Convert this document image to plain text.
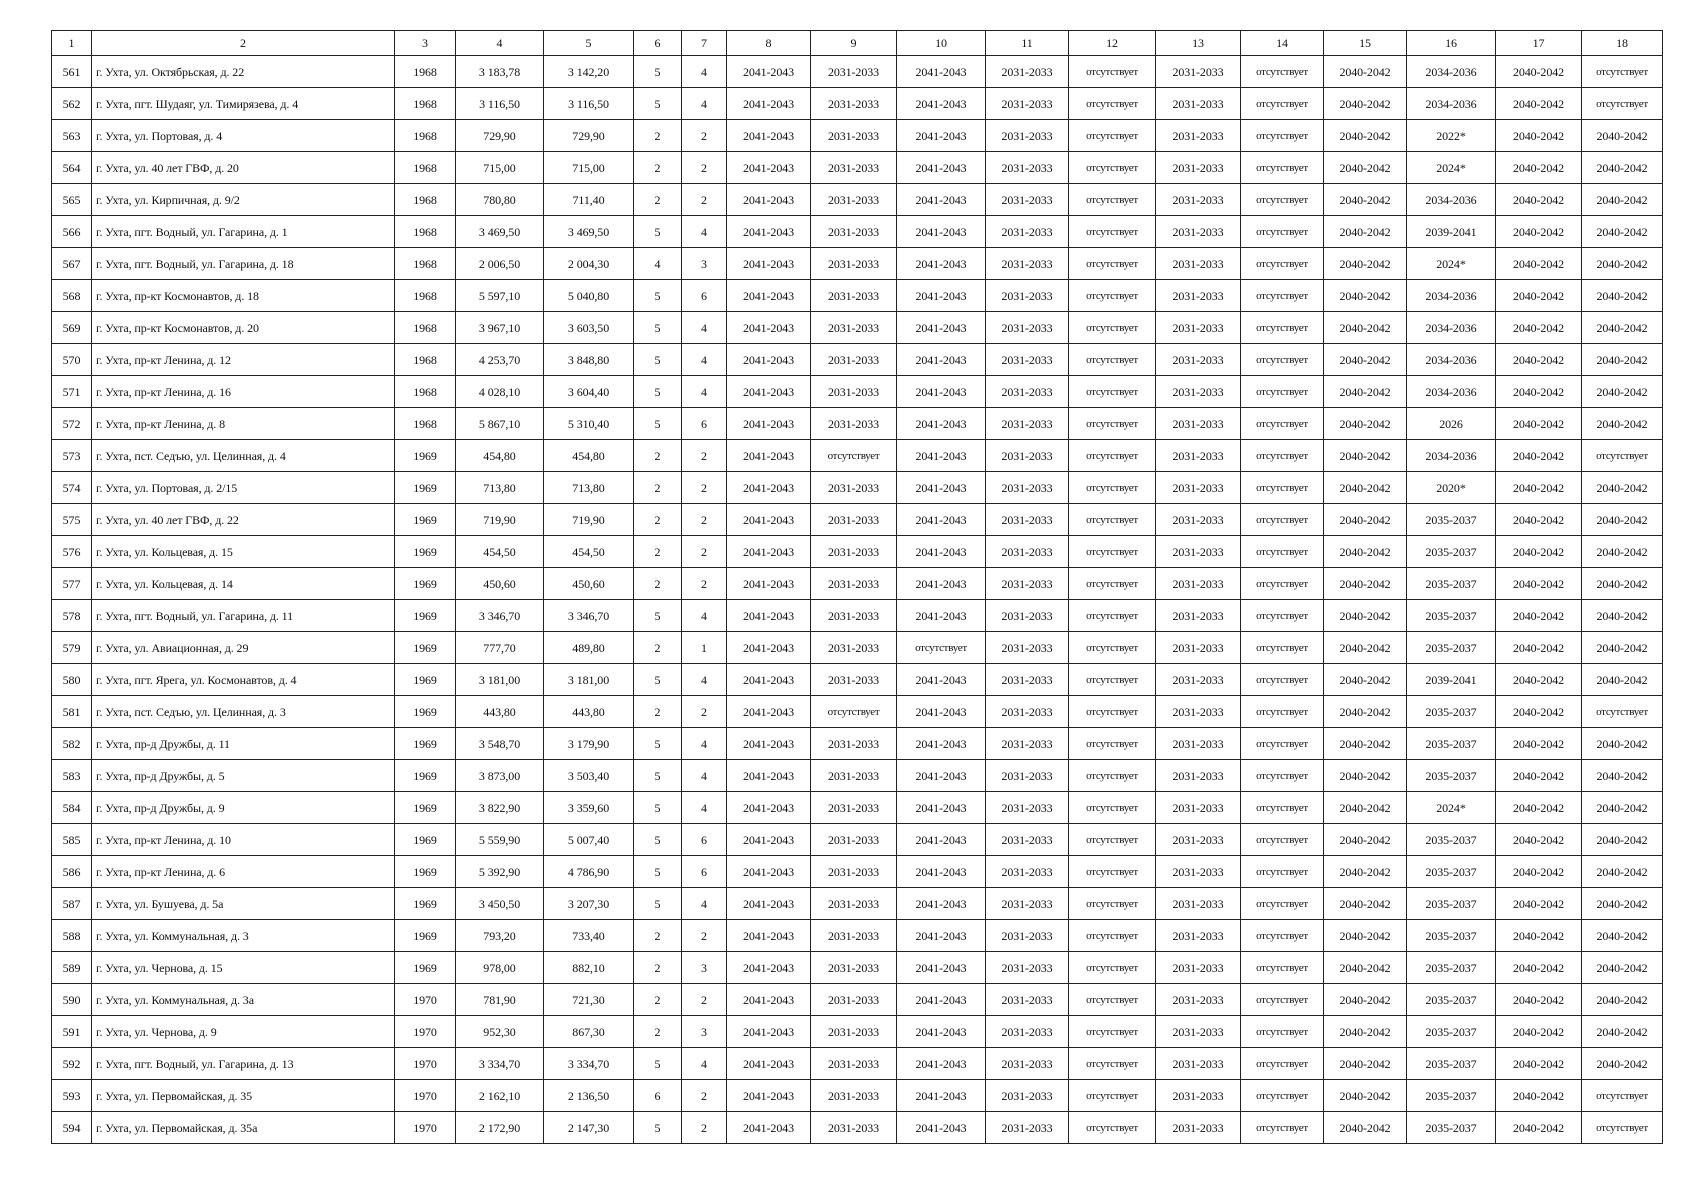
1	2	3	4	5	6	7	8	9	10	11	12	13	14	15	16	17	18
561	г. Ухта, ул. Октябрьская, д. 22	1968	3 183,78	3 142,20	5	4	2041-2043	2031-2033	2041-2043	2031-2033	отсутствует	2031-2033	отсутствует	2040-2042	2034-2036	2040-2042	отсутствует
562	г. Ухта, пгт. Шудаяг, ул. Тимирязева, д. 4	1968	3 116,50	3 116,50	5	4	2041-2043	2031-2033	2041-2043	2031-2033	отсутствует	2031-2033	отсутствует	2040-2042	2034-2036	2040-2042	отсутствует
563	г. Ухта, ул. Портовая, д. 4	1968	729,90	729,90	2	2	2041-2043	2031-2033	2041-2043	2031-2033	отсутствует	2031-2033	отсутствует	2040-2042	2022*	2040-2042	2040-2042
564	г. Ухта, ул. 40 лет ГВФ, д. 20	1968	715,00	715,00	2	2	2041-2043	2031-2033	2041-2043	2031-2033	отсутствует	2031-2033	отсутствует	2040-2042	2024*	2040-2042	2040-2042
565	г. Ухта, ул. Кирпичная, д. 9/2	1968	780,80	711,40	2	2	2041-2043	2031-2033	2041-2043	2031-2033	отсутствует	2031-2033	отсутствует	2040-2042	2034-2036	2040-2042	2040-2042
566	г. Ухта, пгт. Водный, ул. Гагарина, д. 1	1968	3 469,50	3 469,50	5	4	2041-2043	2031-2033	2041-2043	2031-2033	отсутствует	2031-2033	отсутствует	2040-2042	2039-2041	2040-2042	2040-2042
567	г. Ухта, пгт. Водный, ул. Гагарина, д. 18	1968	2 006,50	2 004,30	4	3	2041-2043	2031-2033	2041-2043	2031-2033	отсутствует	2031-2033	отсутствует	2040-2042	2024*	2040-2042	2040-2042
568	г. Ухта, пр-кт Космонавтов, д. 18	1968	5 597,10	5 040,80	5	6	2041-2043	2031-2033	2041-2043	2031-2033	отсутствует	2031-2033	отсутствует	2040-2042	2034-2036	2040-2042	2040-2042
569	г. Ухта, пр-кт Космонавтов, д. 20	1968	3 967,10	3 603,50	5	4	2041-2043	2031-2033	2041-2043	2031-2033	отсутствует	2031-2033	отсутствует	2040-2042	2034-2036	2040-2042	2040-2042
570	г. Ухта, пр-кт Ленина, д. 12	1968	4 253,70	3 848,80	5	4	2041-2043	2031-2033	2041-2043	2031-2033	отсутствует	2031-2033	отсутствует	2040-2042	2034-2036	2040-2042	2040-2042
571	г. Ухта, пр-кт Ленина, д. 16	1968	4 028,10	3 604,40	5	4	2041-2043	2031-2033	2041-2043	2031-2033	отсутствует	2031-2033	отсутствует	2040-2042	2034-2036	2040-2042	2040-2042
572	г. Ухта, пр-кт Ленина, д. 8	1968	5 867,10	5 310,40	5	6	2041-2043	2031-2033	2041-2043	2031-2033	отсутствует	2031-2033	отсутствует	2040-2042	2026	2040-2042	2040-2042
573	г. Ухта, пст. Седъю, ул. Целинная, д. 4	1969	454,80	454,80	2	2	2041-2043	отсутствует	2041-2043	2031-2033	отсутствует	2031-2033	отсутствует	2040-2042	2034-2036	2040-2042	отсутствует
574	г. Ухта, ул. Портовая, д. 2/15	1969	713,80	713,80	2	2	2041-2043	2031-2033	2041-2043	2031-2033	отсутствует	2031-2033	отсутствует	2040-2042	2020*	2040-2042	2040-2042
575	г. Ухта, ул. 40 лет ГВФ, д. 22	1969	719,90	719,90	2	2	2041-2043	2031-2033	2041-2043	2031-2033	отсутствует	2031-2033	отсутствует	2040-2042	2035-2037	2040-2042	2040-2042
576	г. Ухта, ул. Кольцевая, д. 15	1969	454,50	454,50	2	2	2041-2043	2031-2033	2041-2043	2031-2033	отсутствует	2031-2033	отсутствует	2040-2042	2035-2037	2040-2042	2040-2042
577	г. Ухта, ул. Кольцевая, д. 14	1969	450,60	450,60	2	2	2041-2043	2031-2033	2041-2043	2031-2033	отсутствует	2031-2033	отсутствует	2040-2042	2035-2037	2040-2042	2040-2042
578	г. Ухта, пгт. Водный, ул. Гагарина, д. 11	1969	3 346,70	3 346,70	5	4	2041-2043	2031-2033	2041-2043	2031-2033	отсутствует	2031-2033	отсутствует	2040-2042	2035-2037	2040-2042	2040-2042
579	г. Ухта, ул. Авиационная, д. 29	1969	777,70	489,80	2	1	2041-2043	2031-2033	отсутствует	2031-2033	отсутствует	2031-2033	отсутствует	2040-2042	2035-2037	2040-2042	2040-2042
580	г. Ухта, пгт. Ярега, ул. Космонавтов, д. 4	1969	3 181,00	3 181,00	5	4	2041-2043	2031-2033	2041-2043	2031-2033	отсутствует	2031-2033	отсутствует	2040-2042	2039-2041	2040-2042	2040-2042
581	г. Ухта, пст. Седъю, ул. Целинная, д. 3	1969	443,80	443,80	2	2	2041-2043	отсутствует	2041-2043	2031-2033	отсутствует	2031-2033	отсутствует	2040-2042	2035-2037	2040-2042	отсутствует
582	г. Ухта, пр-д Дружбы, д. 11	1969	3 548,70	3 179,90	5	4	2041-2043	2031-2033	2041-2043	2031-2033	отсутствует	2031-2033	отсутствует	2040-2042	2035-2037	2040-2042	2040-2042
583	г. Ухта, пр-д Дружбы, д. 5	1969	3 873,00	3 503,40	5	4	2041-2043	2031-2033	2041-2043	2031-2033	отсутствует	2031-2033	отсутствует	2040-2042	2035-2037	2040-2042	2040-2042
584	г. Ухта, пр-д Дружбы, д. 9	1969	3 822,90	3 359,60	5	4	2041-2043	2031-2033	2041-2043	2031-2033	отсутствует	2031-2033	отсутствует	2040-2042	2024*	2040-2042	2040-2042
585	г. Ухта, пр-кт Ленина, д. 10	1969	5 559,90	5 007,40	5	6	2041-2043	2031-2033	2041-2043	2031-2033	отсутствует	2031-2033	отсутствует	2040-2042	2035-2037	2040-2042	2040-2042
586	г. Ухта, пр-кт Ленина, д. 6	1969	5 392,90	4 786,90	5	6	2041-2043	2031-2033	2041-2043	2031-2033	отсутствует	2031-2033	отсутствует	2040-2042	2035-2037	2040-2042	2040-2042
587	г. Ухта, ул. Бушуева, д. 5а	1969	3 450,50	3 207,30	5	4	2041-2043	2031-2033	2041-2043	2031-2033	отсутствует	2031-2033	отсутствует	2040-2042	2035-2037	2040-2042	2040-2042
588	г. Ухта, ул. Коммунальная, д. 3	1969	793,20	733,40	2	2	2041-2043	2031-2033	2041-2043	2031-2033	отсутствует	2031-2033	отсутствует	2040-2042	2035-2037	2040-2042	2040-2042
589	г. Ухта, ул. Чернова, д. 15	1969	978,00	882,10	2	3	2041-2043	2031-2033	2041-2043	2031-2033	отсутствует	2031-2033	отсутствует	2040-2042	2035-2037	2040-2042	2040-2042
590	г. Ухта, ул. Коммунальная, д. 3а	1970	781,90	721,30	2	2	2041-2043	2031-2033	2041-2043	2031-2033	отсутствует	2031-2033	отсутствует	2040-2042	2035-2037	2040-2042	2040-2042
591	г. Ухта, ул. Чернова, д. 9	1970	952,30	867,30	2	3	2041-2043	2031-2033	2041-2043	2031-2033	отсутствует	2031-2033	отсутствует	2040-2042	2035-2037	2040-2042	2040-2042
592	г. Ухта, пгт. Водный, ул. Гагарина, д. 13	1970	3 334,70	3 334,70	5	4	2041-2043	2031-2033	2041-2043	2031-2033	отсутствует	2031-2033	отсутствует	2040-2042	2035-2037	2040-2042	2040-2042
593	г. Ухта, ул. Первомайская, д. 35	1970	2 162,10	2 136,50	6	2	2041-2043	2031-2033	2041-2043	2031-2033	отсутствует	2031-2033	отсутствует	2040-2042	2035-2037	2040-2042	отсутствует
594	г. Ухта, ул. Первомайская, д. 35а	1970	2 172,90	2 147,30	5	2	2041-2043	2031-2033	2041-2043	2031-2033	отсутствует	2031-2033	отсутствует	2040-2042	2035-2037	2040-2042	отсутствует
